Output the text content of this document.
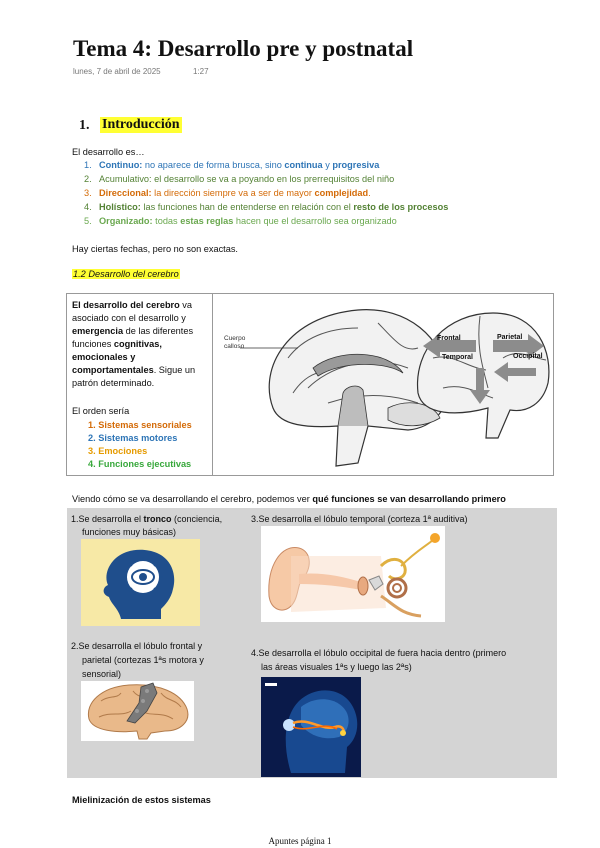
Tema 4: Desarrollo pre y postnatal
lunes, 7 de abril de 2025	1:27
1. Introducción
El desarrollo es…
1. Continuo: no aparece de forma brusca, sino continua y progresiva
2. Acumulativo: el desarrollo se va a poyando en los prerrequisitos del niño
3. Direccional: la dirección siempre va a ser de mayor complejidad.
4. Holístico: las funciones han de entenderse en relación con el resto de los procesos
5. Organizado: todas estas reglas hacen que el desarrollo sea organizado
Hay ciertas fechas, pero no son exactas.
1.2 Desarrollo del cerebro
El desarrollo del cerebro va
asociado con el desarrollo y
emergencia de las diferentes
funciones cognitivas,
emocionales y
comportamentales. Sigue un
patrón determinado.
El orden sería
1. Sistemas sensoriales
2. Sistemas motores
3. Emociones
4. Funciones ejecutivas
Cuerpo calloso
Frontal	Parietal
Temporal	Occipital
Viendo cómo se va desarrollando el cerebro, podemos ver qué funciones se van desarrollando primero
1.Se desarrolla el tronco (conciencia,
funciones muy básicas)
3.Se desarrolla el lóbulo temporal (corteza 1ª auditiva)
2.Se desarrolla el lóbulo frontal y
parietal (cortezas 1ªs motora y
sensorial)
4.Se desarrolla el lóbulo occipital de fuera hacia dentro (primero
las áreas visuales 1ªs y luego las 2ªs)
Mielinización de estos sistemas
Apuntes página 1
